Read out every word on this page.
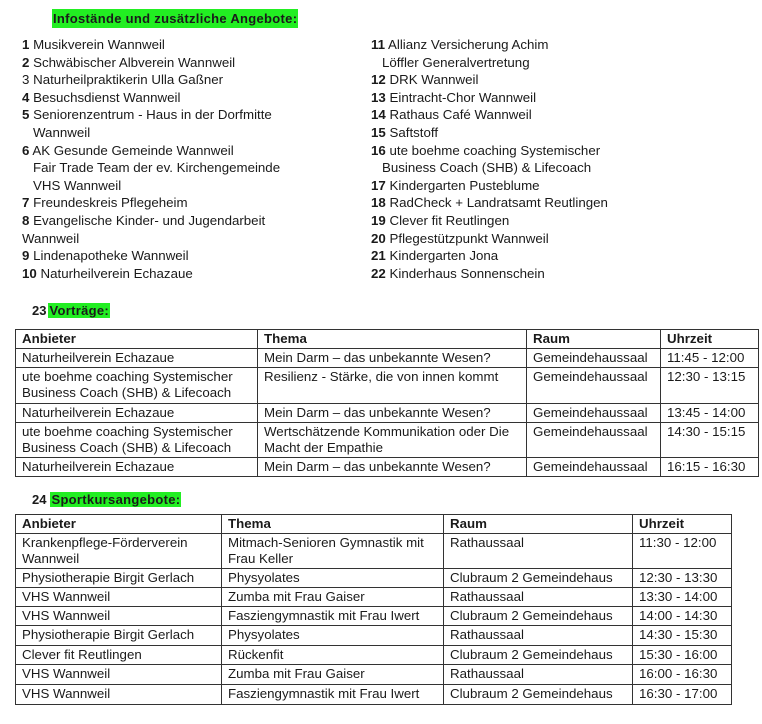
Infostände und zusätzliche Angebote:
1 Musikverein Wannweil
2 Schwäbischer Albverein Wannweil
3 Naturheilpraktikerin Ulla Gaßner
4 Besuchsdienst Wannweil
5 Seniorenzentrum - Haus in der Dorfmitte
Wannweil
6 AK Gesunde Gemeinde Wannweil
Fair Trade Team der ev. Kirchengemeinde
VHS Wannweil
7 Freundeskreis Pflegeheim
8 Evangelische Kinder- und Jugendarbeit
Wannweil
9 Lindenapotheke Wannweil
10 Naturheilverein Echazaue
11 Allianz Versicherung Achim
Löffler Generalvertretung
12 DRK Wannweil
13 Eintracht-Chor Wannweil
14 Rathaus Café Wannweil
15 Saftstoff
16 ute boehme coaching Systemischer
Business Coach (SHB) & Lifecoach
17 Kindergarten Pusteblume
18 RadCheck + Landratsamt Reutlingen
19 Clever fit Reutlingen
20 Pflegestützpunkt Wannweil
21 Kindergarten Jona
22 Kinderhaus Sonnenschein
23 Vorträge:
Anbieter	Thema	Raum	Uhrzeit
Naturheilverein Echazaue	Mein Darm – das unbekannte Wesen?	Gemeindehaussaal	11:45 - 12:00
ute boehme coaching Systemischer Business Coach (SHB) & Lifecoach	Resilienz - Stärke, die von innen kommt	Gemeindehaussaal	12:30 - 13:15
Naturheilverein Echazaue	Mein Darm – das unbekannte Wesen?	Gemeindehaussaal	13:45 - 14:00
ute boehme coaching Systemischer Business Coach (SHB) & Lifecoach	Wertschätzende Kommunikation oder Die Macht der Empathie	Gemeindehaussaal	14:30 - 15:15
Naturheilverein Echazaue	Mein Darm – das unbekannte Wesen?	Gemeindehaussaal	16:15 - 16:30
24 Sportkursangebote:
Anbieter	Thema	Raum	Uhrzeit
Krankenpflege-Förderverein Wannweil	Mitmach-Senioren Gymnastik mit Frau Keller	Rathaussaal	11:30 - 12:00
Physiotherapie Birgit Gerlach	Physyolates	Clubraum 2 Gemeindehaus	12:30 - 13:30
VHS Wannweil	Zumba mit Frau Gaiser	Rathaussaal	13:30 - 14:00
VHS Wannweil	Fasziengymnastik mit Frau Iwert	Clubraum 2 Gemeindehaus	14:00 - 14:30
Physiotherapie Birgit Gerlach	Physyolates	Rathaussaal	14:30 - 15:30
Clever fit Reutlingen	Rückenfit	Clubraum 2 Gemeindehaus	15:30 - 16:00
VHS Wannweil	Zumba mit Frau Gaiser	Rathaussaal	16:00 - 16:30
VHS Wannweil	Fasziengymnastik mit Frau Iwert	Clubraum 2 Gemeindehaus	16:30 - 17:00
